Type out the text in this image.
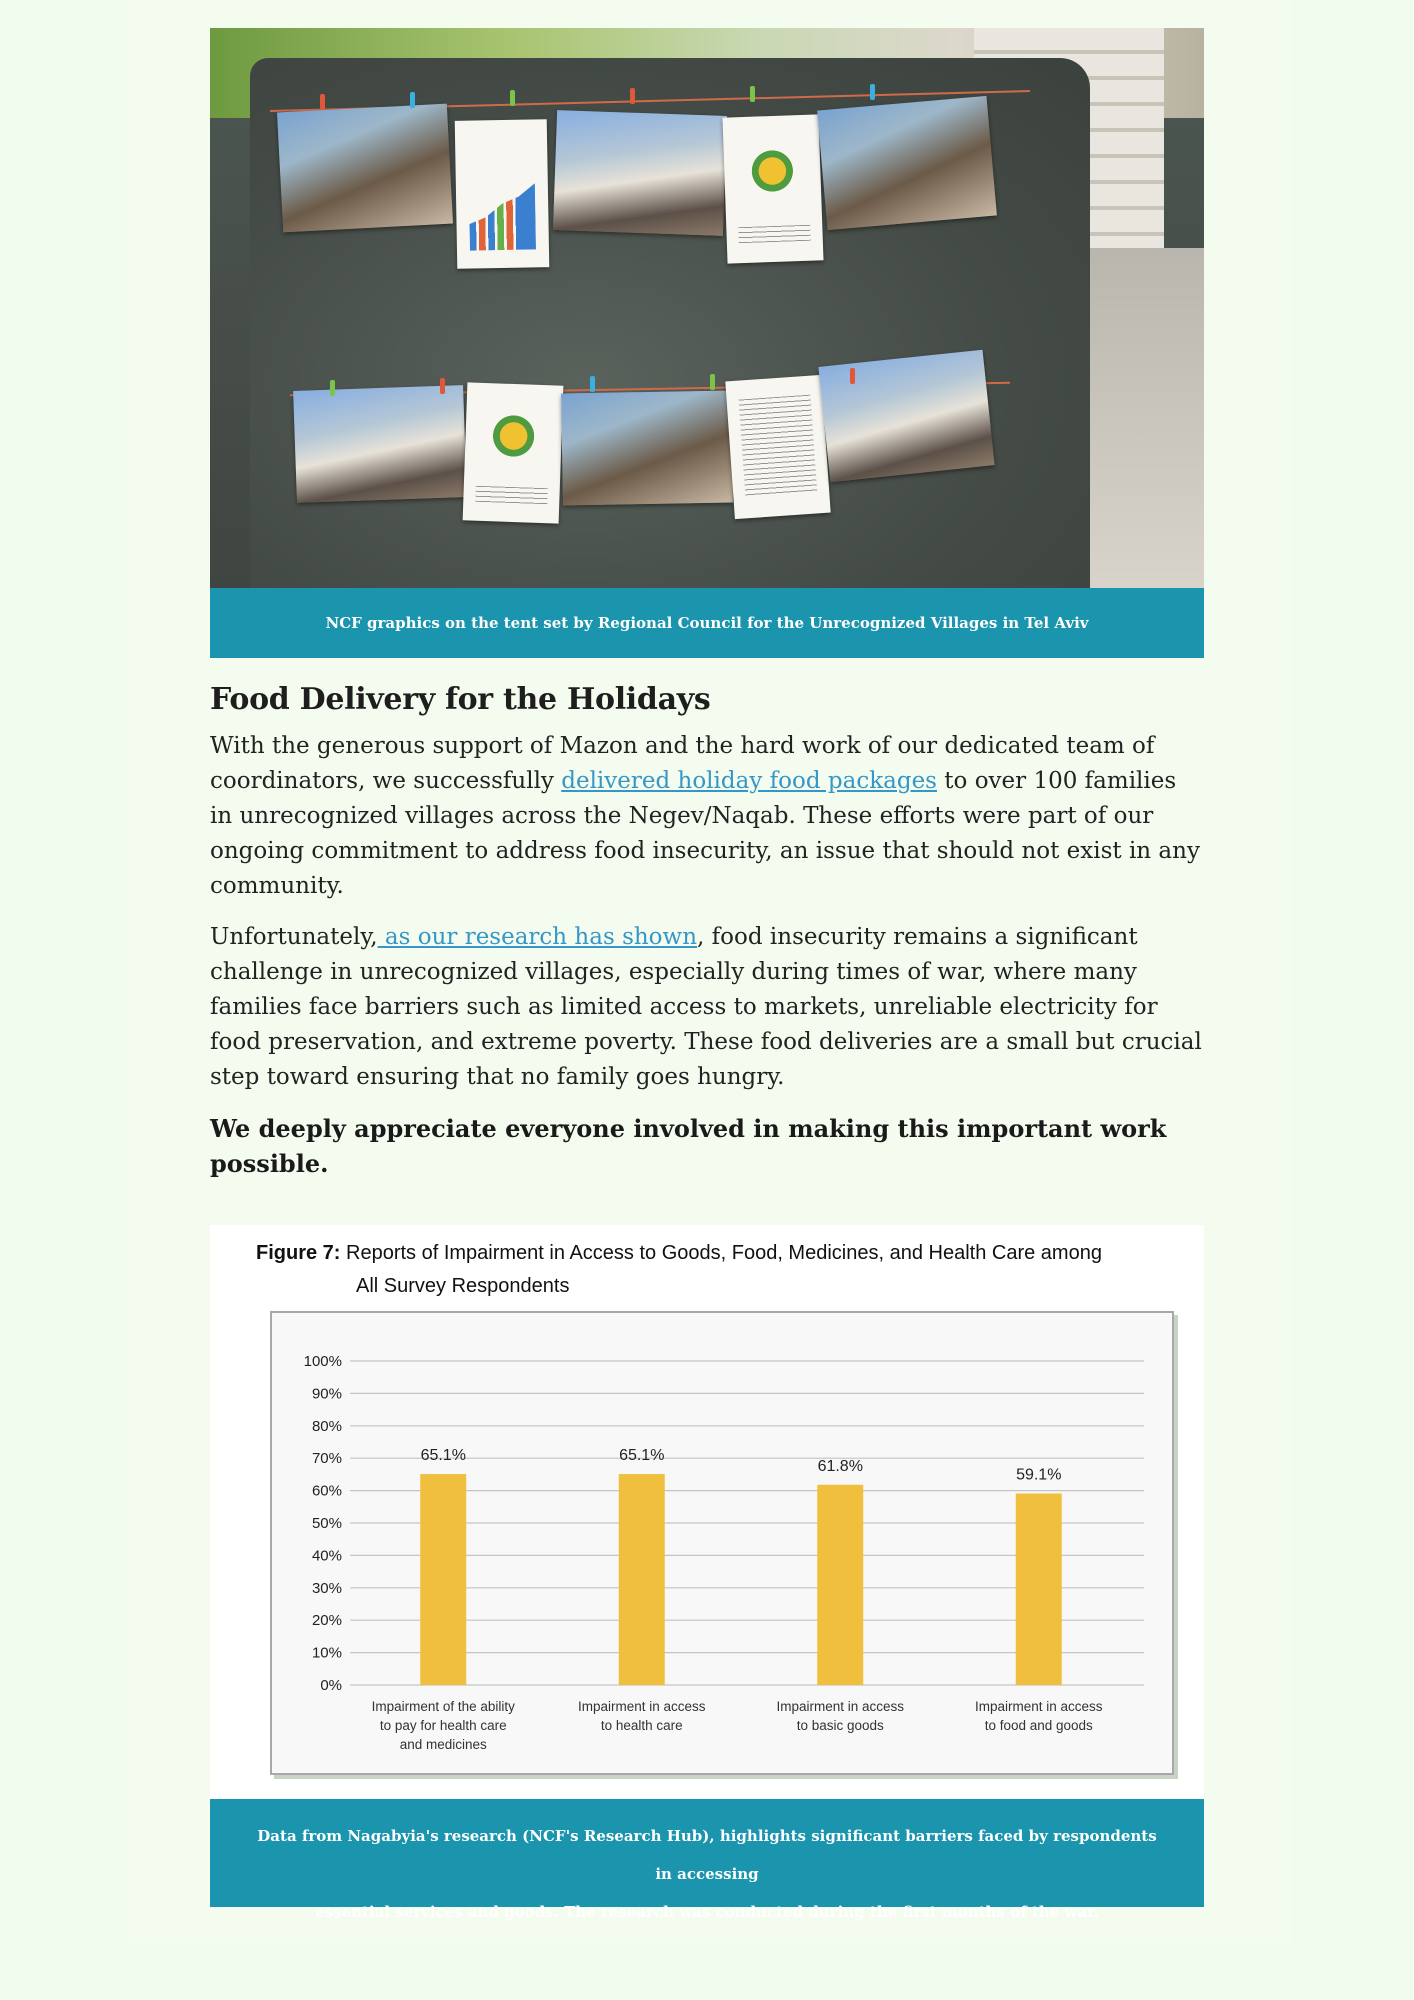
NCF graphics on the tent set by Regional Council for the Unrecognized Villages in Tel Aviv
Food Delivery for the Holidays

With the generous support of Mazon and the hard work of our dedicated team of coordinators, we successfully delivered holiday food packages to over 100 families in unrecognized villages across the Negev/Naqab. These efforts were part of our ongoing commitment to address food insecurity, an issue that should not exist in any community.

Unfortunately, as our research has shown, food insecurity remains a significant challenge in unrecognized villages, especially during times of war, where many families face barriers such as limited access to markets, unreliable electricity for food preservation, and extreme poverty. These food deliveries are a small but crucial step toward ensuring that no family goes hungry.

We deeply appreciate everyone involved in making this important work possible.

Figure 7: Reports of Impairment in Access to Goods, Food, Medicines, and Health Care among
All Survey Respondents
0%
10%
20%
30%
40%
50%
60%
70%
80%
90%
100%
65.1%
Impairment of the ability
to pay for health care
and medicines
65.1%
Impairment in access
to health care
61.8%
Impairment in access
to basic goods
59.1%
Impairment in access
to food and goods
Data from Nagabyia's research (NCF's Research Hub), highlights significant barriers faced by respondents in accessing
essential services and goods. The research was conducted during the first months of the war.
